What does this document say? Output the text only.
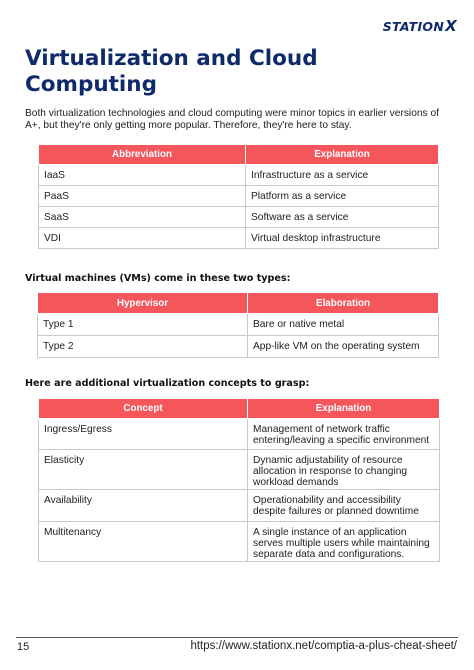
STATIONX
Virtualization and Cloud Computing
Both virtualization technologies and cloud computing were minor topics in earlier versions of A+, but they're only getting more popular. Therefore, they're here to stay.
Abbreviation	Explanation
IaaS	Infrastructure as a service
PaaS	Platform as a service
SaaS	Software as a service
VDI	Virtual desktop infrastructure
Virtual machines (VMs) come in these two types:
Hypervisor	Elaboration
Type 1	Bare or native metal
Type 2	App-like VM on the operating system
Here are additional virtualization concepts to grasp:
Concept	Explanation
Ingress/Egress	Management of network traffic entering/leaving a specific environment
Elasticity	Dynamic adjustability of resource allocation in response to changing workload demands
Availability	Operationability and accessibility despite failures or planned downtime
Multitenancy	A single instance of an application serves multiple users while maintaining separate data and configurations.
15	https://www.stationx.net/comptia-a-plus-cheat-sheet/
